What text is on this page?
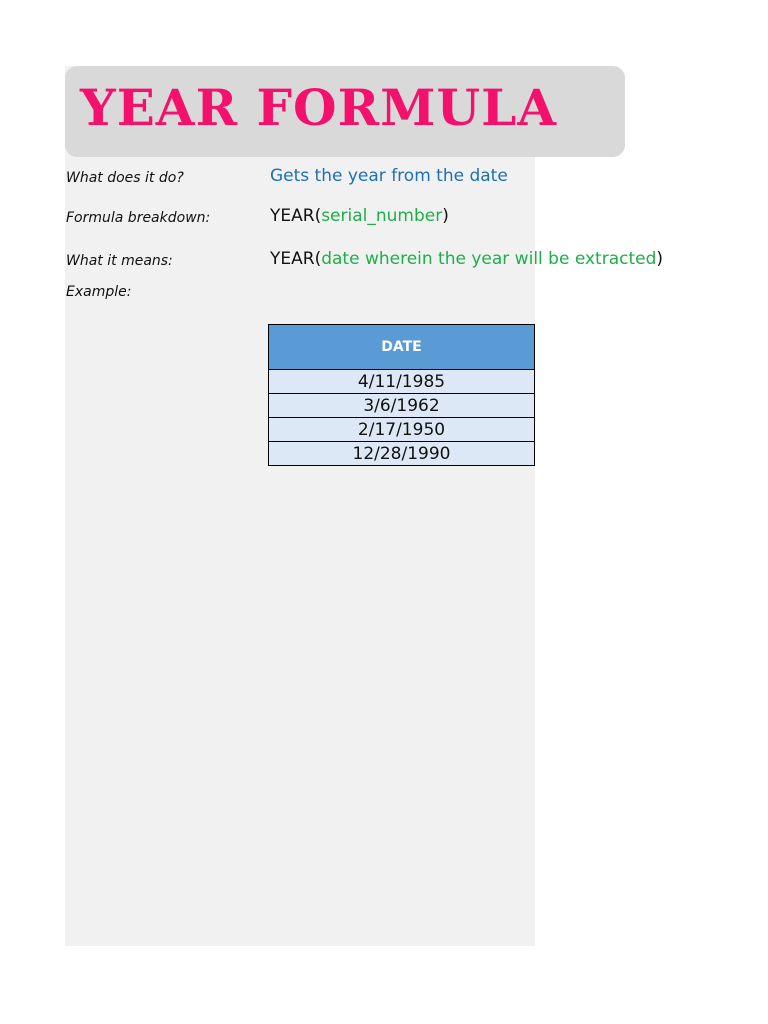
YEAR FORMULA
What does it do?	Gets the year from the date
Formula breakdown:	YEAR(serial_number)
What it means:	YEAR(date wherein the year will be extracted)
Example:
DATE
4/11/1985
3/6/1962
2/17/1950
12/28/1990
